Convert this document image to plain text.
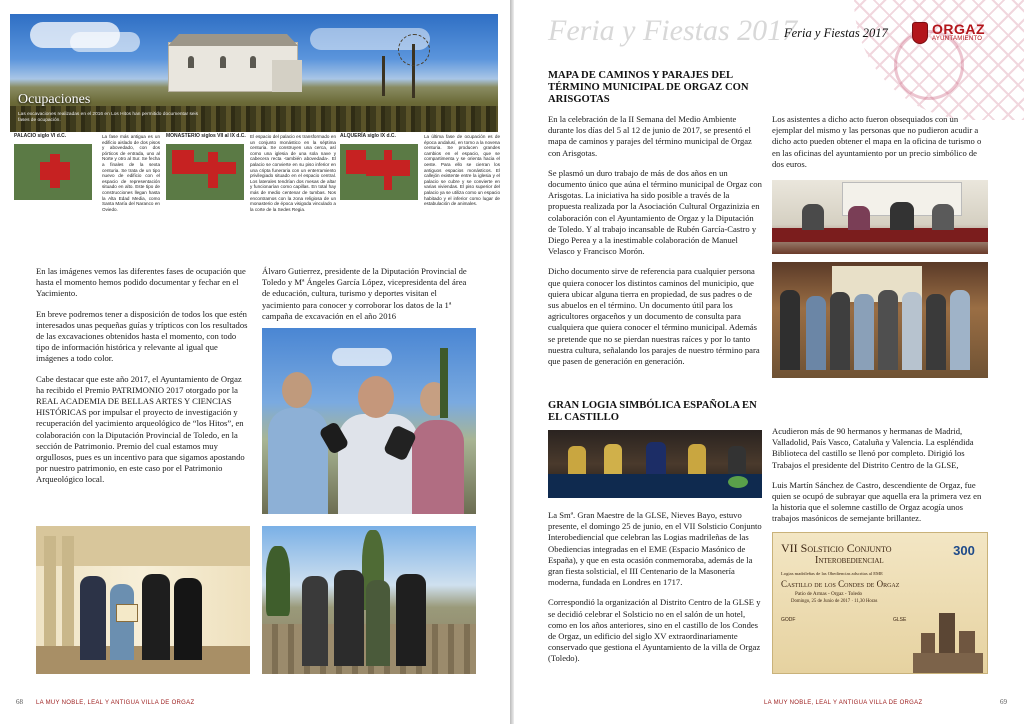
Ocupaciones
Las excavaciones realizadas en el 2016 en Los Hitos han permitido documentar seis fases de ocupación.
PALACIO siglo VI d.C.	La fase más antigua es un edificio aislado de dos pisos y abovedado, con dos pórticos de entrada, uno al Norte y otro al Sur. Se fecha a finales de la sexta centuria. Se trata de un tipo nuevo de edificio con el espacio de representación situado en alto. Este tipo de construcciones llegan hasta la Alta Edad Media, como Santa María del Naranco en Oviedo.
MONASTERIO siglos VII al IX d.C. El espacio del palacio es transformado en un conjunto monástico en la séptima centuria. Se construyen una cerca, así como una iglesia de una sola nave y cabecera recta -también abovedada-. El palacio se convierte en su piso inferior en una cripta funeraria con un enterramiento privilegiado situado en el espacio central. Los laterales tendrían dos mesas de altar y funcionarían como capillas. En total hay más de medio centenar de tumbas. Nos encontramos con la zona religiosa de un monasterio de época visigoda vinculado a la corte de la Sedes Regia.
ALQUERÍA siglo IX d.C.	La última fase de ocupación es de época andalusí, en torno a la novena centuria. Se producen grandes cambios en el espacio, que se compartimenta y se orienta hacia el oeste. Para ello se cierran los antiguos espacios monásticos. El callejón existente entre la iglesia y el palacio se cubre y se convierte en varias viviendas. El piso superior del palacio ya se utiliza como un espacio habitado y el inferior como lugar de estabulación de animales.

En las imágenes vemos las diferentes fases de ocupación que hasta el momento hemos podido documentar y fechar en el Yacimiento.

En breve podremos tener a disposición de todos los que estén interesados unas pequeñas guías y trípticos con los resultados de las excavaciones obtenidos hasta el momento, con todo tipo de información histórica y relevante al igual que imágenes a todo color.

Cabe destacar que este año 2017, el Ayuntamiento de Orgaz ha recibido el Premio PATRIMONIO 2017 otorgado por la REAL ACADEMIA DE BELLAS ARTES Y CIENCIAS HISTÓRICAS por impulsar el proyecto de investigación y recuperación del yacimiento arqueológico de “los Hitos”, en colaboración con la Diputación Provincial de Toledo, en la sección de Patrimonio. Premio del cual estamos muy orgullosos, pues es un incentivo para que sigamos apostando por nuestro patrimonio, en este caso por el Patrimonio Arqueológico local.

Álvaro Gutierrez, presidente de la Diputación Provincial de Toledo y Mª Ángeles García López, vicepresidenta del área de educación, cultura, turismo y deportes visitan el yacimiento para conocer y corroborar los datos de la 1ª campaña de excavación en el año 2016
68 LA MUY NOBLE, LEAL Y ANTIGUA VILLA DE ORGAZ
Feria y Fiestas 2017
Feria y Fiestas 2017	ORGAZ
AYUNTAMIENTO
MAPA DE CAMINOS Y PARAJES DEL TÉRMINO MUNICIPAL DE ORGAZ CON ARISGOTAS

En la celebración de la II Semana del Medio Ambiente durante los días del 5 al 12 de junio de 2017, se presentó el mapa de caminos y parajes del término municipal de Orgaz con Arisgotas.

Se plasmó un duro trabajo de más de dos años en un documento único que aúna el término municipal de Orgaz con Arisgotas. La iniciativa ha sido posible a través de la propuesta realizada por la Asociación Cultural Orgazinizia en colaboración con el Ayuntamiento de Orgaz y la Diputación de Toledo. Y al trabajo incansable de Rubén García-Castro y Diego Perea y a la inestimable colaboración de Manuel Velasco y Francisco Morón.

Dicho documento sirve de referencia para cualquier persona que quiera conocer los distintos caminos del municipio, que quiera ubicar alguna tierra en propiedad, de sus padres o de sus abuelos en el término. Un documento útil para los agricultores orgaceños y un documento de consulta para cualquiera que quiera conocer el término municipal. Además se pretende que no se pierdan nuestras raíces y por lo tanto nuestra cultura, señalando los parajes de nuestro término para que pasen de generación en generación.

Los asistentes a dicho acto fueron obsequiados con un ejemplar del mismo y las personas que no pudieron acudir a dicho acto pueden obtener el mapa en la oficina de turismo o en las oficinas del ayuntamiento por un precio simbólico de dos euros.
GRAN LOGIA SIMBÓLICA ESPAÑOLA EN EL CASTILLO

La Smª. Gran Maestre de la GLSE, Nieves Bayo, estuvo presente, el domingo 25 de junio, en el VII Solsticio Conjunto Interobediencial que celebran las Logias madrileñas de las Obediencias integradas en el EME (Espacio Masónico de España), y que en esta ocasión conmemoraba, además de la gran fiesta solsticial, el III Centenario de la Masonería moderna, fundada en Londres en 1717.

Correspondió la organización al Distrito Centro de la GLSE y se decidió celebrar el Solsticio no en el salón de un hotel, como en los años anteriores, sino en el castillo de los Condes de Orgaz, un edificio del siglo XV extraordinariamente conservado que gestiona el Ayuntamiento de la villa de Orgaz (Toledo).

Acudieron más de 90 hermanos y hermanas de Madrid, Valladolid, País Vasco, Cataluña y Valencia. La espléndida Biblioteca del castillo se llenó por completo. Dirigió los Trabajos el presidente del Distrito Centro de la GLSE,

Luis Martín Sánchez de Castro, descendiente de Orgaz, fue quien se ocupó de subrayar que aquella era la primera vez en la historia que el solemne castillo de Orgaz acogía unos trabajos masónicos de semejante brillantez.

VII Solsticio Conjunto
Interobediencial
Logias madrileñas de las Obediencias adscritas al EME
Castillo de los Condes de Orgaz
Patio de Armas - Orgaz - Toledo
Domingo, 25 de Junio de 2017 · 11,30 Horas
300
GODF	GLSE
LA MUY NOBLE, LEAL Y ANTIGUA VILLA DE ORGAZ	69
